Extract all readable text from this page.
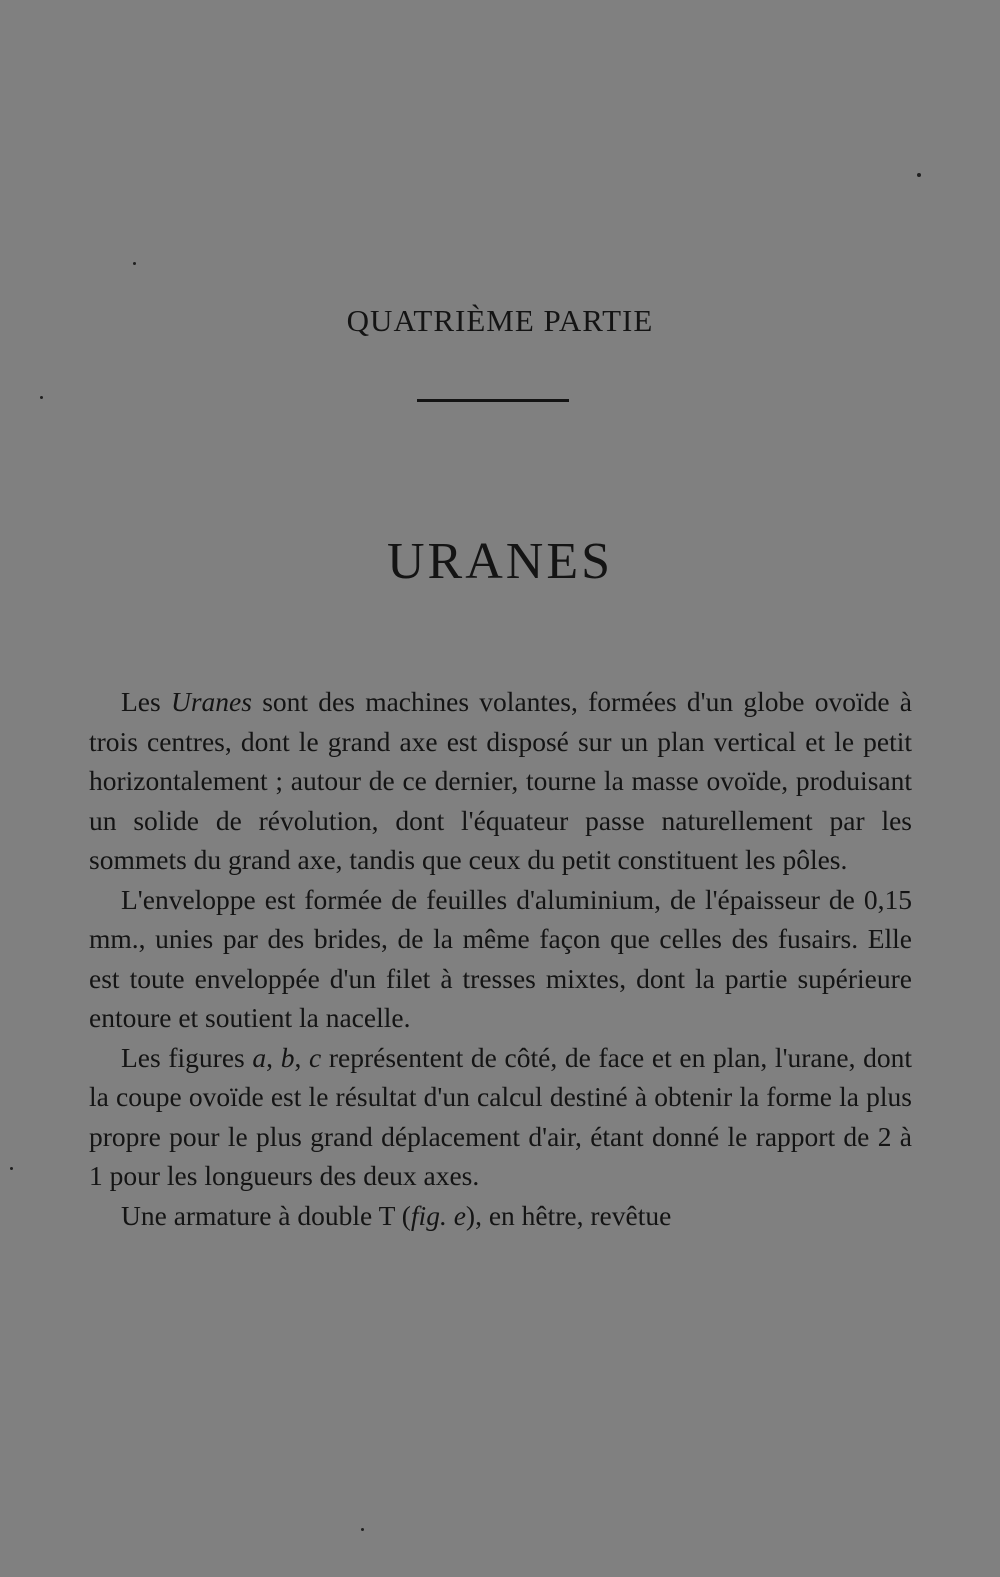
QUATRIÈME PARTIE
URANES

Les Uranes sont des machines volantes, formées d'un globe ovoïde à trois centres, dont le grand axe est disposé sur un plan vertical et le petit horizontalement ; autour de ce dernier, tourne la masse ovoïde, produisant un solide de révolution, dont l'équateur passe naturellement par les sommets du grand axe, tandis que ceux du petit constituent les pôles.

L'enveloppe est formée de feuilles d'aluminium, de l'épaisseur de 0,15 mm., unies par des brides, de la même façon que celles des fusairs. Elle est toute enveloppée d'un filet à tresses mixtes, dont la partie supérieure entoure et soutient la nacelle.

Les figures a, b, c représentent de côté, de face et en plan, l'urane, dont la coupe ovoïde est le résultat d'un calcul destiné à obtenir la forme la plus propre pour le plus grand déplacement d'air, étant donné le rapport de 2 à 1 pour les longueurs des deux axes.

Une armature à double T (fig. e), en hêtre, revêtue
